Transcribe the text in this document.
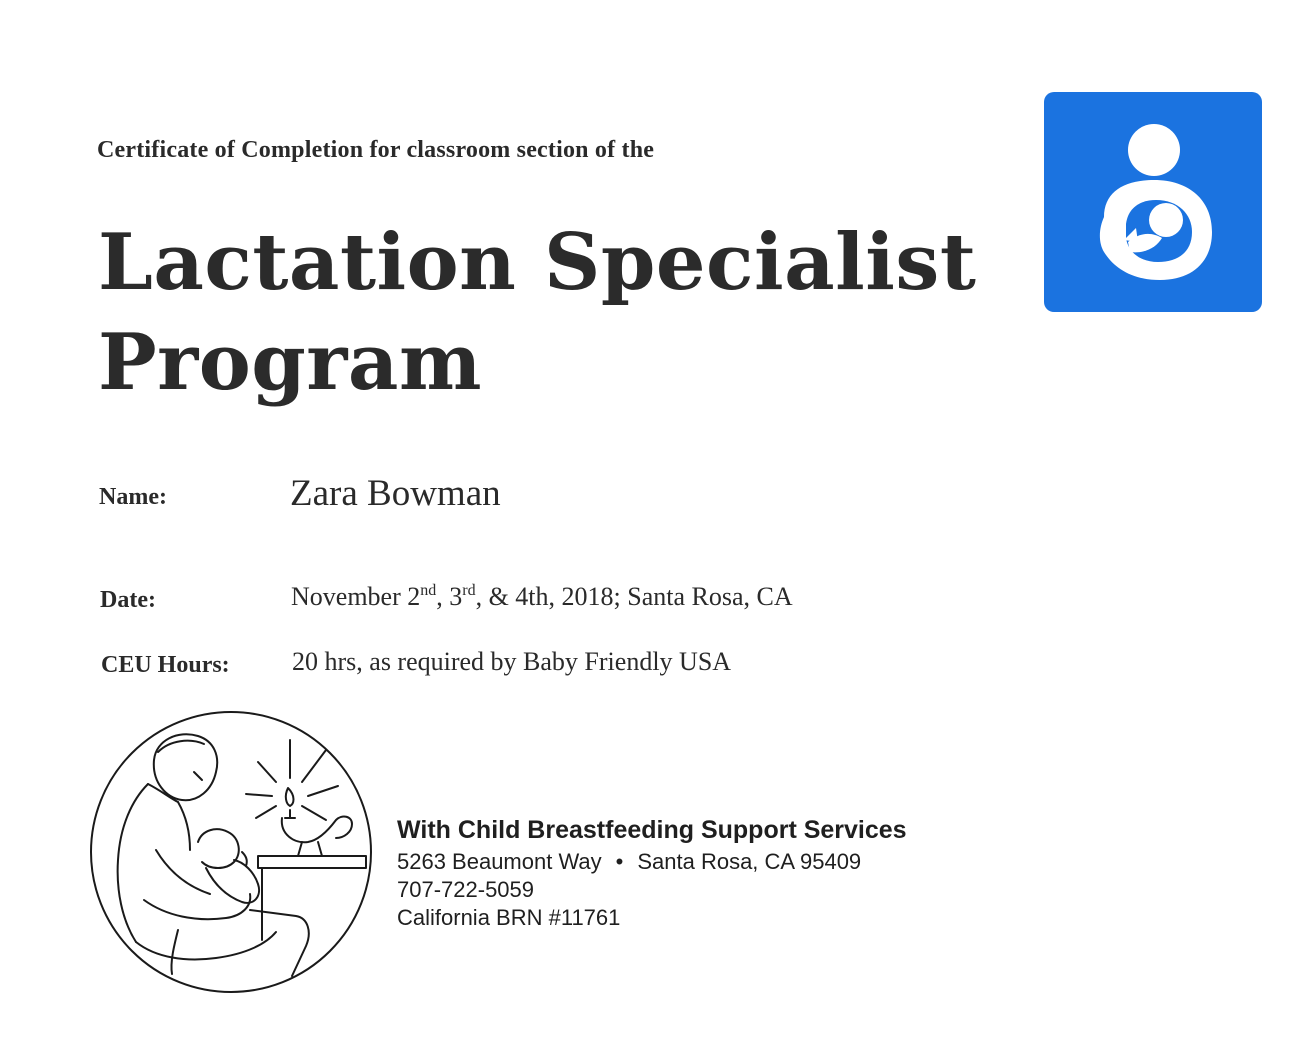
Certificate of Completion for classroom section of the
Lactation Specialist
Program
Name:	Zara Bowman
Date:	November 2nd, 3rd, & 4th, 2018; Santa Rosa, CA
CEU Hours: 20 hrs, as required by Baby Friendly USA
With Child Breastfeeding Support Services
5263 Beaumont Way • Santa Rosa, CA 95409
707-722-5059
California BRN #11761
